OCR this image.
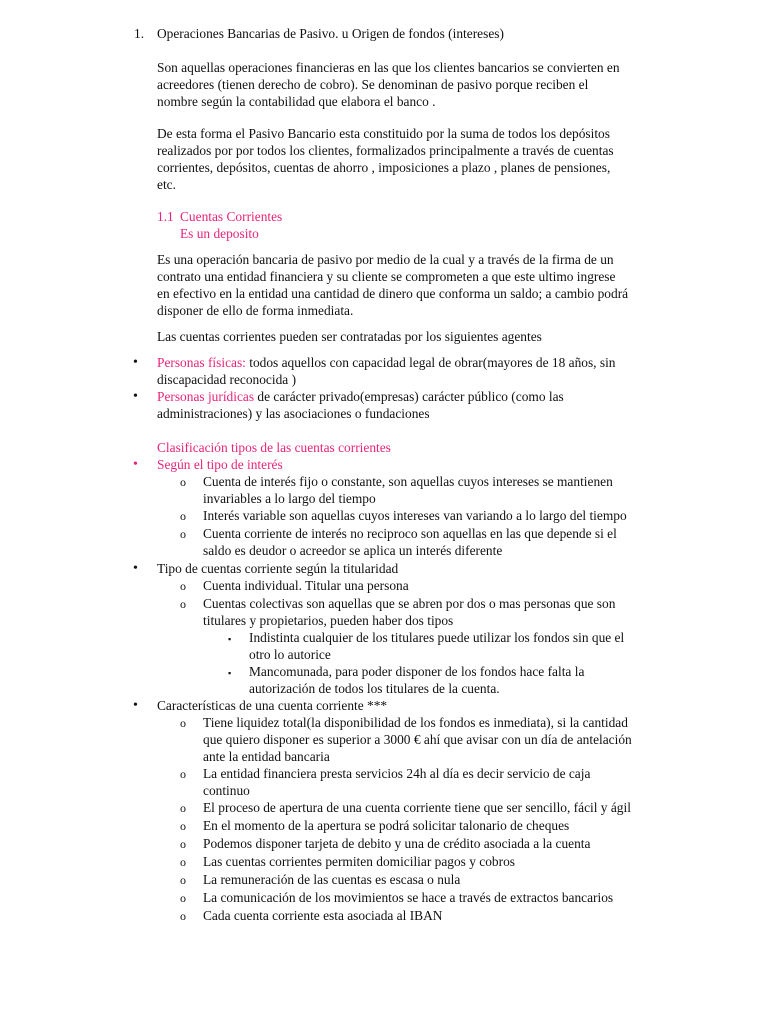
1. Operaciones Bancarias de Pasivo. u Origen de fondos (intereses)
Son aquellas operaciones financieras en las que los clientes bancarios se convierten en
acreedores (tienen derecho de cobro). Se denominan de pasivo porque reciben el
nombre según la contabilidad que elabora el banco .
De esta forma el Pasivo Bancario esta constituido por la suma de todos los depósitos
realizados por por todos los clientes, formalizados principalmente a través de cuentas
corrientes, depósitos, cuentas de ahorro , imposiciones a plazo , planes de pensiones,
etc.
1.1 Cuentas Corrientes
Es un deposito
Es una operación bancaria de pasivo por medio de la cual y a través de la firma de un
contrato una entidad financiera y su cliente se comprometen a que este ultimo ingrese
en efectivo en la entidad una cantidad de dinero que conforma un saldo; a cambio podrá
disponer de ello de forma inmediata.
Las cuentas corrientes pueden ser contratadas por los siguientes agentes
• Personas físicas: todos aquellos con capacidad legal de obrar(mayores de 18 años, sin
discapacidad reconocida )
• Personas jurídicas de carácter privado(empresas) carácter público (como las
administraciones) y las asociaciones o fundaciones
Clasificación tipos de las cuentas corrientes
• Según el tipo de interés
o Cuenta de interés fijo o constante, son aquellas cuyos intereses se mantienen
invariables a lo largo del tiempo
o Interés variable son aquellas cuyos intereses van variando a lo largo del tiempo
o Cuenta corriente de interés no reciproco son aquellas en las que depende si el
saldo es deudor o acreedor se aplica un interés diferente
• Tipo de cuentas corriente según la titularidad
o Cuenta individual. Titular una persona
o Cuentas colectivas son aquellas que se abren por dos o mas personas que son
titulares y propietarios, pueden haber dos tipos
▪ Indistinta cualquier de los titulares puede utilizar los fondos sin que el
otro lo autorice
▪ Mancomunada, para poder disponer de los fondos hace falta la
autorización de todos los titulares de la cuenta.
• Características de una cuenta corriente ***
o Tiene liquidez total(la disponibilidad de los fondos es inmediata), si la cantidad
que quiero disponer es superior a 3000 € ahí que avisar con un día de antelación
ante la entidad bancaria
o La entidad financiera presta servicios 24h al día es decir servicio de caja
continuo
o El proceso de apertura de una cuenta corriente tiene que ser sencillo, fácil y ágil
o En el momento de la apertura se podrá solicitar talonario de cheques
o Podemos disponer tarjeta de debito y una de crédito asociada a la cuenta
o Las cuentas corrientes permiten domiciliar pagos y cobros
o La remuneración de las cuentas es escasa o nula
o La comunicación de los movimientos se hace a través de extractos bancarios
o Cada cuenta corriente esta asociada al IBAN
